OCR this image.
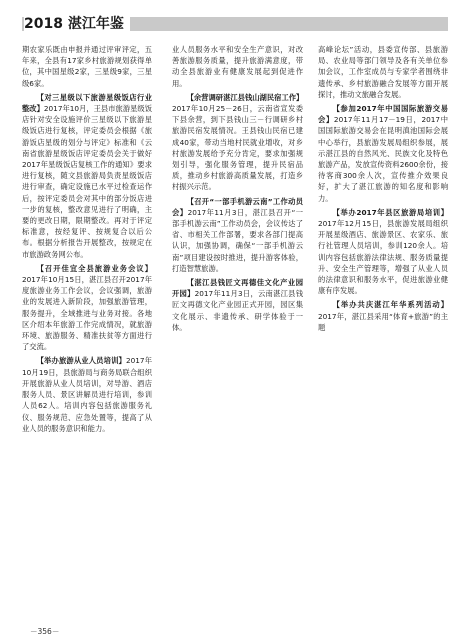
2018 湛江年鉴

期农家乐既由申报并通过评审评定，五年来，全县有17家乡村旅游规划获得单位，其中国星级2家，三星级9家，三星级6家。

【对三星级以下旅游星级饭店行业整改】2017年10月，王县市旅游星级饭店针对安全设施评价三星级以下旅游星级饭店进行复核，评定委员会根据《旅游饭店星级的划分与评定》标准和《云南省旅游星级饭店评定委员会关于做好2017年星级饭店复核工作的通知》要求进行复核，随文县旅游局负责星级饭店进行审查，确定设施已水平过检查运作后，按评定委员会对其中的部分饭店进一步的复核，整改意见进行了明确，主要的更改日期，限期整改。再对于评定标准意，按经复评、按规复合以后公布。根据分析报告开展整改，按规定在市旅游政务网公布。

【召开佳宜全县旅游业务会议】2017年10月15日，湛江县召开2017年度旅游业务工作会议，会议强调，旅游业的发展进入新阶段，加强旅游管理，服务提升，全域推进与业务对接。各地区介绍本年旅游工作完成情况，就旅游环境、旅游服务、精准扶贫等方面进行了交流。

【举办旅游从业人员培训】2017年10月19日，县旅游局与商务局联合组织开展旅游从业人员培训，对导游、酒店服务人员、景区讲解员进行培训，参训人员62人。培训内容包括旅游服务礼仪、服务规范、应急处置等，提高了从业人员的服务意识和能力。

业人员服务水平和安全生产意识，对改善旅游服务质量，提升旅游满意度，带动全县旅游业有健康发展起到促进作用。

【余营调研湛江县钱山湖民宿工作】2017年10月25－26日，云南省宣发委下县余营，到下县钱山三－行调研乡村旅游民宿发展情况。王县钱山民宿已建成40家，带动当地村民就业增收，对乡村旅游发展给予充分肯定，要求加强规划引导，强化服务管理，提升民宿品质，推动乡村旅游高质量发展，打造乡村振兴示范。

【召开“一部手机游云南”工作动员会】2017年11月3日，湛江县召开“一部手机游云南”工作动员会，会议传达了省、市相关工作部署，要求各部门提高认识，加强协调，确保“一部手机游云南”项目建设按时推进，提升游客体验，打造智慧旅游。

【湛江县钱匠文再德佳文化产业园开园】2017年11月3日，云南湛江县钱匠文再德文化产业园正式开园，园区集文化展示、非遗传承、研学体验于一体。

高峰论坛”活动，县委宣传部、县旅游局、农业局等部门领导及各有关单位参加会议，工作室成员与专家学者围绕非遗传承、乡村旅游融合发展等方面开展探讨，推动文旅融合发展。

【参加2017年中国国际旅游交易会】2017年11月17－19日，2017中国国际旅游交易会在昆明滇池国际会展中心举行，县旅游发展局组织参展，展示湛江县的自然风光、民族文化及特色旅游产品，发放宣传资料2600余份，接待客商300余人次，宣传推介效果良好，扩大了湛江旅游的知名度和影响力。

【举办2017年县区旅游局培训】2017年12月15日，县旅游发展局组织开展星级酒店、旅游景区、农家乐、旅行社管理人员培训，参训120余人。培训内容包括旅游法律法规、服务质量提升、安全生产管理等，增强了从业人员的法律意识和服务水平，促进旅游业健康有序发展。

【举办共庆湛江年华系列活动】2017年，湛江县采用“体育+旅游”的主题

－356－
